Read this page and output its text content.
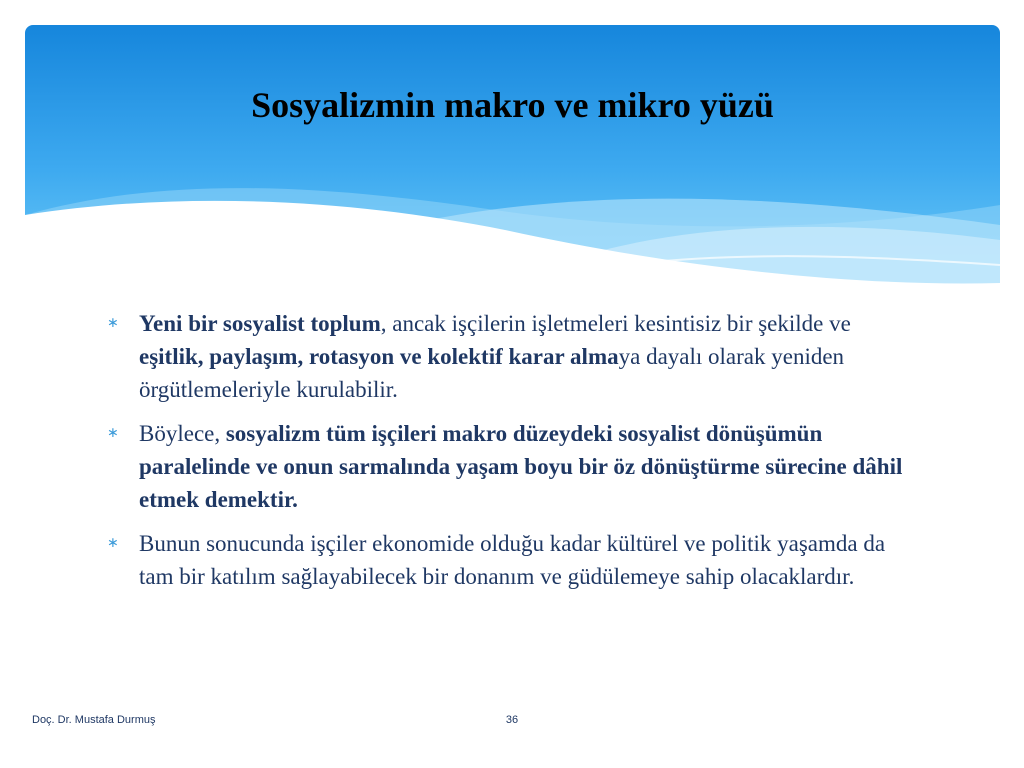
Sosyalizmin makro ve mikro yüzü
∗ Yeni bir sosyalist toplum, ancak işçilerin işletmeleri kesintisiz bir şekilde ve eşitlik, paylaşım, rotasyon ve kolektif karar almaya dayalı olarak yeniden örgütlemeleriyle kurulabilir.
∗ Böylece, sosyalizm tüm işçileri makro düzeydeki sosyalist dönüşümün paralelinde ve onun sarmalında yaşam boyu bir öz dönüştürme sürecine dâhil etmek demektir.
∗ Bunun sonucunda işçiler ekonomide olduğu kadar kültürel ve politik yaşamda da tam bir katılım sağlayabilecek bir donanım ve güdülemeye sahip olacaklardır.
Doç. Dr. Mustafa Durmuş	36
